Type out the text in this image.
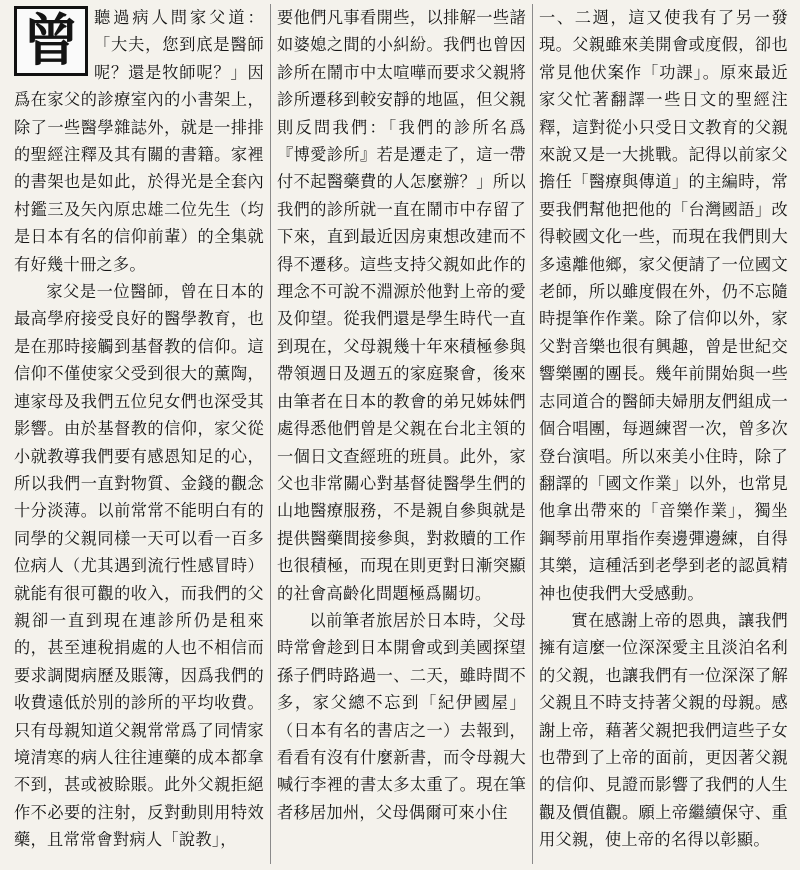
曾 聽過病人問家父道：「大夫，您到底是醫師呢？還是牧師呢？」因爲在家父的診療室內的小書架上，除了一些醫學雜誌外，就是一排排的聖經注釋及其有關的書籍。家裡的書架也是如此，於得光是全套內村鑑三及矢內原忠雄二位先生（均是日本有名的信仰前輩）的全集就有好幾十冊之多。

家父是一位醫師，曾在日本的最高學府接受良好的醫學教育，也是在那時接觸到基督教的信仰。這信仰不僅使家父受到很大的薰陶，連家母及我們五位兒女們也深受其影響。由於基督教的信仰，家父從小就教導我們要有感恩知足的心，所以我們一直對物質、金錢的觀念十分淡薄。以前常常不能明白有的同學的父親同樣一天可以看一百多位病人（尤其遇到流行性感冒時）就能有很可觀的收入，而我們的父親卻一直到現在連診所仍是租來的，甚至連稅捐處的人也不相信而要求調閱病歷及賬簿，因爲我們的收費遠低於別的診所的平均收費。只有母親知道父親常常爲了同情家境清寒的病人往往連藥的成本都拿不到，甚或被賒賬。此外父親拒絕作不必要的注射，反對動則用特效藥，且常常會對病人「說教」，

要他們凡事看開些，以排解一些諸如婆媳之間的小糾紛。我們也曾因診所在鬧市中太喧嘩而要求父親將診所遷移到較安靜的地區，但父親則反問我們：「我們的診所名爲『博愛診所』若是遷走了，這一帶付不起醫藥費的人怎麼辦？」所以我們的診所就一直在鬧市中存留了下來，直到最近因房東想改建而不得不遷移。這些支持父親如此作的理念不可說不淵源於他對上帝的愛及仰望。從我們還是學生時代一直到現在，父母親幾十年來積極參與帶領週日及週五的家庭聚會，後來由筆者在日本的教會的弟兄姊妹們處得悉他們曾是父親在台北主領的一個日文查經班的班員。此外，家父也非常關心對基督徒醫學生們的山地醫療服務，不是親自參與就是提供醫藥間接參與，對救贖的工作也很積極，而現在則更對日漸突顯的社會高齡化問題極爲關切。

以前筆者旅居於日本時，父母時常會趁到日本開會或到美國探望孫子們時路過一、二天，雖時間不多，家父總不忘到「紀伊國屋」（日本有名的書店之一）去報到，看看有沒有什麼新書，而令母親大喊行李裡的書太多太重了。現在筆者移居加州，父母偶爾可來小住

一、二週，這又使我有了另一發現。父親雖來美開會或度假，卻也常見他伏案作「功課」。原來最近家父忙著翻譯一些日文的聖經注釋，這對從小只受日文教育的父親來說又是一大挑戰。記得以前家父擔任「醫療與傳道」的主編時，常要我們幫他把他的「台灣國語」改得較國文化一些，而現在我們則大多遠離他鄉，家父便請了一位國文老師，所以雖度假在外，仍不忘隨時提筆作作業。除了信仰以外，家父對音樂也很有興趣，曾是世紀交響樂團的團長。幾年前開始與一些志同道合的醫師夫婦朋友們組成一個合唱團，每週練習一次，曾多次登台演唱。所以來美小住時，除了翻譯的「國文作業」以外，也常見他拿出帶來的「音樂作業」，獨坐鋼琴前用單指作奏邊彈邊練，自得其樂，這種活到老學到老的認眞精神也使我們大受感動。

實在感謝上帝的恩典，讓我們擁有這麼一位深深愛主且淡泊名利的父親，也讓我們有一位深深了解父親且不時支持著父親的母親。感謝上帝，藉著父親把我們這些子女也帶到了上帝的面前，更因著父親的信仰、見證而影響了我們的人生觀及價值觀。願上帝繼續保守、重用父親，使上帝的名得以彰顯。
